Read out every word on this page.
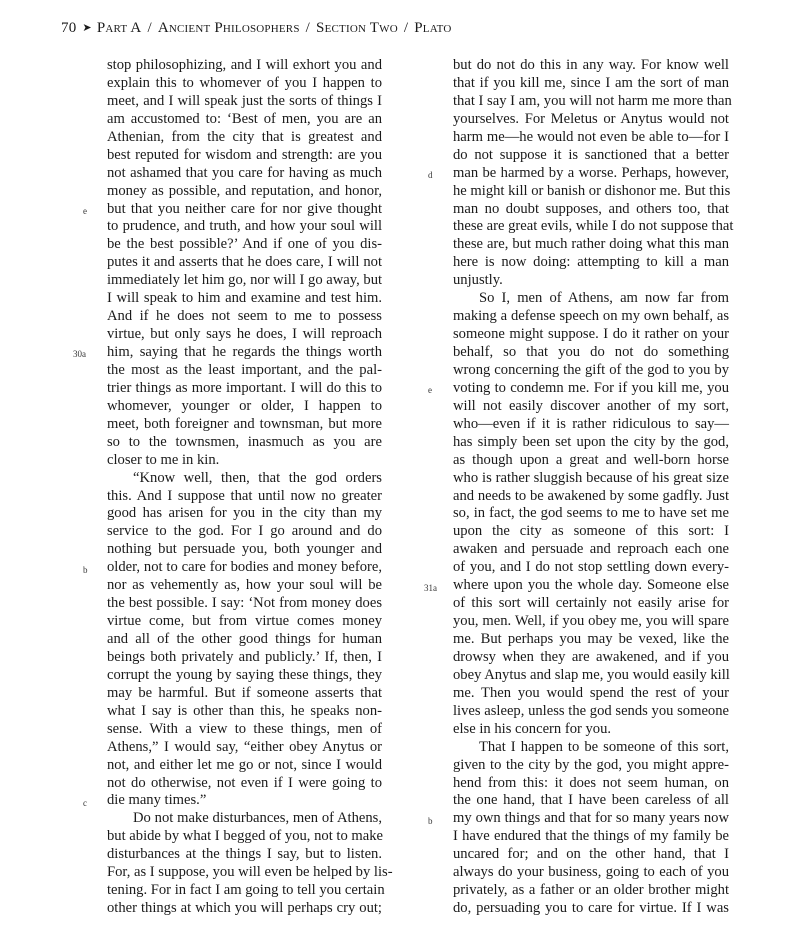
70 ➤ Part A / Ancient Philosophers / Section Two / Plato
stop philosophizing, and I will exhort you and
explain this to whomever of you I happen to
meet, and I will speak just the sorts of things I
am accustomed to: ‘Best of men, you are an
Athenian, from the city that is greatest and
best reputed for wisdom and strength: are you
not ashamed that you care for having as much
money as possible, and reputation, and honor,
but that you neither care for nor give thought
to prudence, and truth, and how your soul will
be the best possible?’ And if one of you dis-
putes it and asserts that he does care, I will not
immediately let him go, nor will I go away, but
I will speak to him and examine and test him.
And if he does not seem to me to possess
virtue, but only says he does, I will reproach
him, saying that he regards the things worth
the most as the least important, and the pal-
trier things as more important. I will do this to
whomever, younger or older, I happen to
meet, both foreigner and townsman, but more
so to the townsmen, inasmuch as you are
closer to me in kin.
“Know well, then, that the god orders
this. And I suppose that until now no greater
good has arisen for you in the city than my
service to the god. For I go around and do
nothing but persuade you, both younger and
older, not to care for bodies and money before,
nor as vehemently as, how your soul will be
the best possible. I say: ‘Not from money does
virtue come, but from virtue comes money
and all of the other good things for human
beings both privately and publicly.’ If, then, I
corrupt the young by saying these things, they
may be harmful. But if someone asserts that
what I say is other than this, he speaks non-
sense. With a view to these things, men of
Athens,” I would say, “either obey Anytus or
not, and either let me go or not, since I would
not do otherwise, not even if I were going to
die many times.”
Do not make disturbances, men of Athens,
but abide by what I begged of you, not to make
disturbances at the things I say, but to listen.
For, as I suppose, you will even be helped by lis-
tening. For in fact I am going to tell you certain
other things at which you will perhaps cry out;
but do not do this in any way. For know well
that if you kill me, since I am the sort of man
that I say I am, you will not harm me more than
yourselves. For Meletus or Anytus would not
harm me—he would not even be able to—for I
do not suppose it is sanctioned that a better
man be harmed by a worse. Perhaps, however,
he might kill or banish or dishonor me. But this
man no doubt supposes, and others too, that
these are great evils, while I do not suppose that
these are, but much rather doing what this man
here is now doing: attempting to kill a man
unjustly.
So I, men of Athens, am now far from
making a defense speech on my own behalf, as
someone might suppose. I do it rather on your
behalf, so that you do not do something
wrong concerning the gift of the god to you by
voting to condemn me. For if you kill me, you
will not easily discover another of my sort,
who—even if it is rather ridiculous to say—
has simply been set upon the city by the god,
as though upon a great and well-born horse
who is rather sluggish because of his great size
and needs to be awakened by some gadfly. Just
so, in fact, the god seems to me to have set me
upon the city as someone of this sort: I
awaken and persuade and reproach each one
of you, and I do not stop settling down every-
where upon you the whole day. Someone else
of this sort will certainly not easily arise for
you, men. Well, if you obey me, you will spare
me. But perhaps you may be vexed, like the
drowsy when they are awakened, and if you
obey Anytus and slap me, you would easily kill
me. Then you would spend the rest of your
lives asleep, unless the god sends you someone
else in his concern for you.
That I happen to be someone of this sort,
given to the city by the god, you might appre-
hend from this: it does not seem human, on
the one hand, that I have been careless of all
my own things and that for so many years now
I have endured that the things of my family be
uncared for; and on the other hand, that I
always do your business, going to each of you
privately, as a father or an older brother might
do, persuading you to care for virtue. If I was
e
30a
b
c
d
e
31a
b
